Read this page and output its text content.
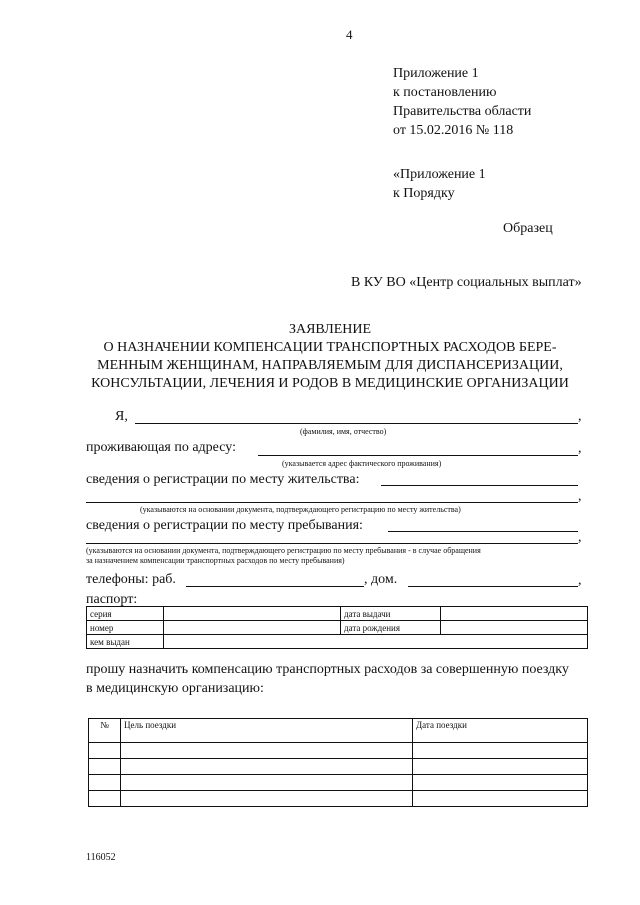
4
Приложение 1
к постановлению
Правительства области
от 15.02.2016 № 118
«Приложение 1
к Порядку
Образец
В КУ ВО «Центр социальных выплат»
ЗАЯВЛЕНИЕ
О НАЗНАЧЕНИИ КОМПЕНСАЦИИ ТРАНСПОРТНЫХ РАСХОДОВ БЕРЕ-
МЕННЫМ ЖЕНЩИНАМ, НАПРАВЛЯЕМЫМ ДЛЯ ДИСПАНСЕРИЗАЦИИ,
КОНСУЛЬТАЦИИ, ЛЕЧЕНИЯ И РОДОВ В МЕДИЦИНСКИЕ ОРГАНИЗАЦИИ
Я,	,
(фамилия, имя, отчество)
проживающая по адресу:	,
(указывается адрес фактического проживания)
сведения о регистрации по месту жительства:
,
(указываются на основании документа, подтверждающего регистрацию по месту жительства)
сведения о регистрации по месту пребывания:
,
(указываются на основании документа, подтверждающего регистрацию по месту пребывания - в случае обращения
за назначением компенсации транспортных расходов по месту пребывания)
телефоны: раб.	, дом.	,
паспорт:
серия		дата выдачи	
номер		дата рождения	
кем выдан			
прошу назначить компенсацию транспортных расходов за совершенную поездку
в медицинскую организацию:
№	Цель поездки	Дата поездки

116052
